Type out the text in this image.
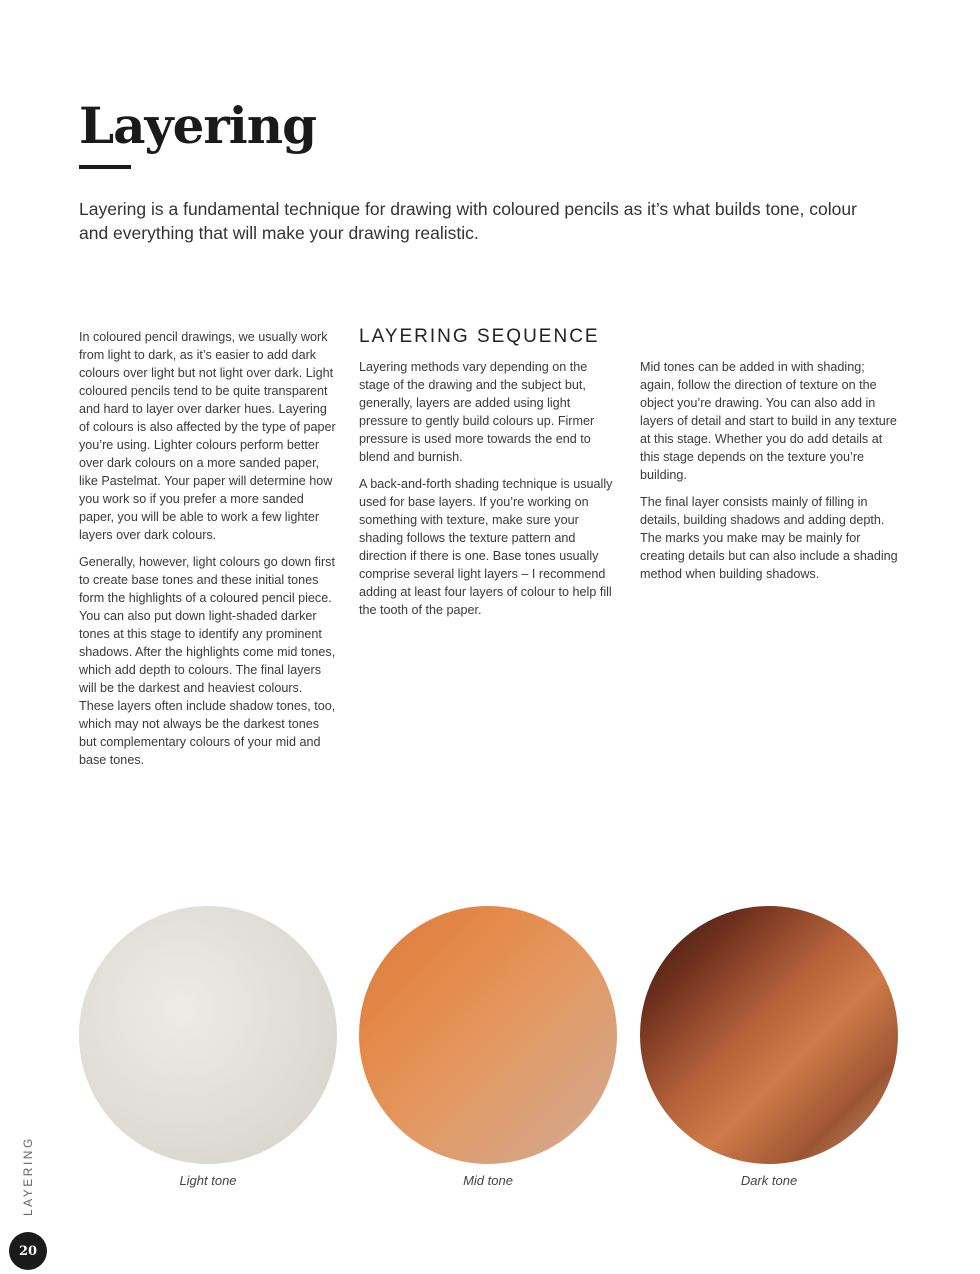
Layering

Layering is a fundamental technique for drawing with coloured pencils as it’s what builds tone, colour and everything that will make your drawing realistic.

In coloured pencil drawings, we usually work from light to dark, as it’s easier to add dark colours over light but not light over dark. Light coloured pencils tend to be quite transparent and hard to layer over darker hues. Layering of colours is also affected by the type of paper you’re using. Lighter colours perform better over dark colours on a more sanded paper, like Pastelmat. Your paper will determine how you work so if you prefer a more sanded paper, you will be able to work a few lighter layers over dark colours.

Generally, however, light colours go down first to create base tones and these initial tones form the highlights of a coloured pencil piece. You can also put down light-shaded darker tones at this stage to identify any prominent shadows. After the highlights come mid tones, which add depth to colours. The final layers will be the darkest and heaviest colours. These layers often include shadow tones, too, which may not always be the darkest tones but complementary colours of your mid and base tones.

LAYERING SEQUENCE

Layering methods vary depending on the stage of the drawing and the subject but, generally, layers are added using light pressure to gently build colours up. Firmer pressure is used more towards the end to blend and burnish.

A back-and-forth shading technique is usually used for base layers. If you’re working on something with texture, make sure your shading follows the texture pattern and direction if there is one. Base tones usually comprise several light layers – I recommend adding at least four layers of colour to help fill the tooth of the paper.

Mid tones can be added in with shading; again, follow the direction of texture on the object you’re drawing. You can also add in layers of detail and start to build in any texture at this stage. Whether you do add details at this stage depends on the texture you’re building.

The final layer consists mainly of filling in details, building shadows and adding depth. The marks you make may be mainly for creating details but can also include a shading method when building shadows.

Light tone	Mid tone	Dark tone
LAYERING
20
